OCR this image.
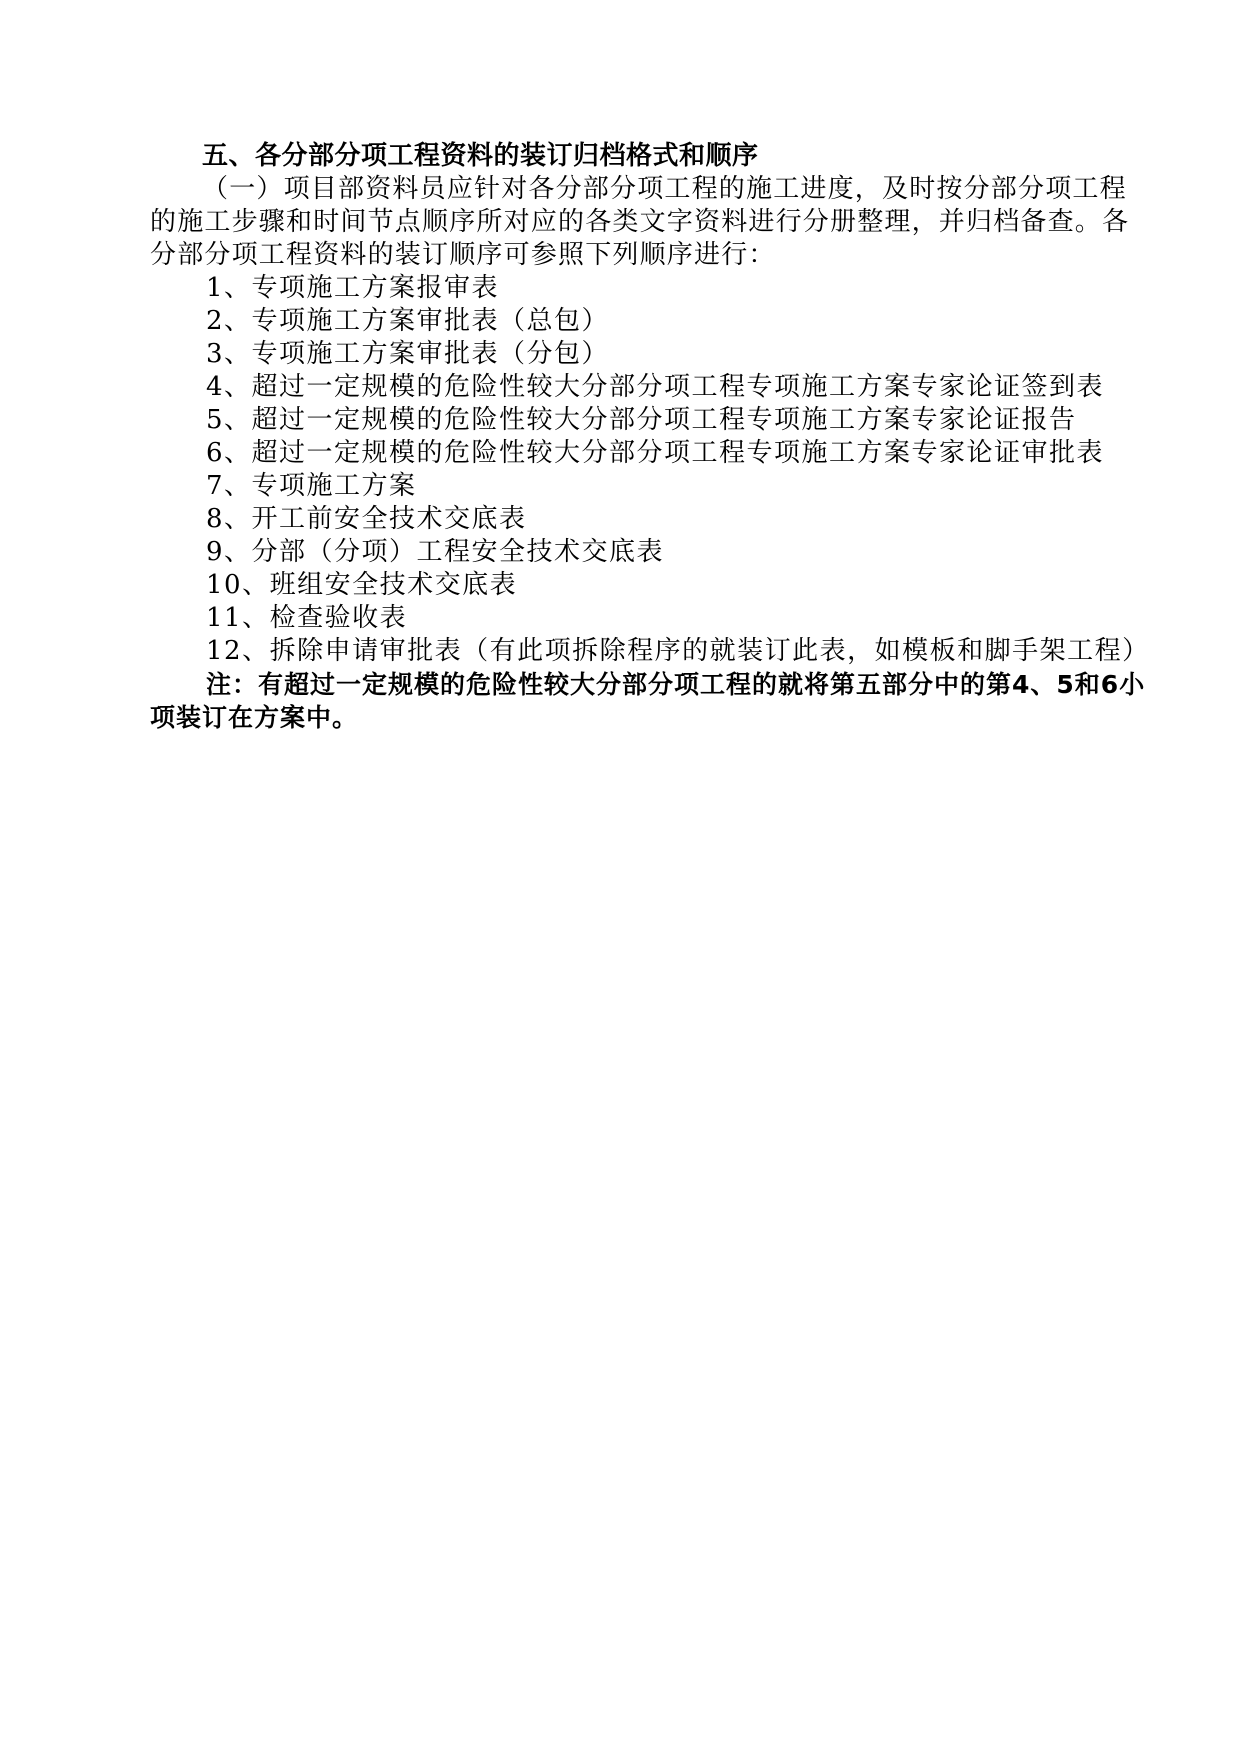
五、各分部分项工程资料的装订归档格式和顺序

（一）项目部资料员应针对各分部分项工程的施工进度，及时按分部分项工程的施工步骤和时间节点顺序所对应的各类文字资料进行分册整理，并归档备查。各分部分项工程资料的装订顺序可参照下列顺序进行：

1、专项施工方案报审表
2、专项施工方案审批表（总包）
3、专项施工方案审批表（分包）
4、超过一定规模的危险性较大分部分项工程专项施工方案专家论证签到表
5、超过一定规模的危险性较大分部分项工程专项施工方案专家论证报告
6、超过一定规模的危险性较大分部分项工程专项施工方案专家论证审批表
7、专项施工方案
8、开工前安全技术交底表
9、分部（分项）工程安全技术交底表
10、班组安全技术交底表
11、检查验收表
12、拆除申请审批表（有此项拆除程序的就装订此表，如模板和脚手架工程）

注：有超过一定规模的危险性较大分部分项工程的就将第五部分中的第4、5和6小项装订在方案中。
